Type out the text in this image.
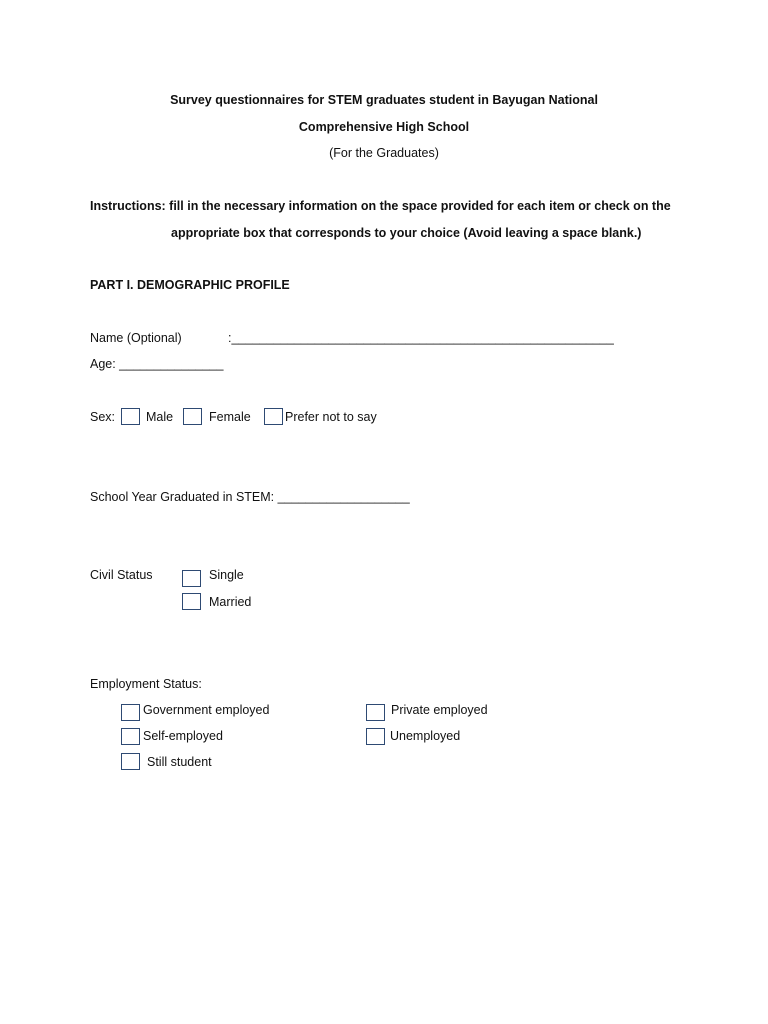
Survey questionnaires for STEM graduates student in Bayugan National
Comprehensive High School
(For the Graduates)
Instructions: fill in the necessary information on the space provided for each item or check on the
appropriate box that corresponds to your choice (Avoid leaving a space blank.)
PART I. DEMOGRAPHIC PROFILE
Name (Optional)	:_______________________________________________________
Age: _______________
Sex: Male	Female	Prefer not to say
School Year Graduated in STEM: ___________________
Civil Status	Single
Married
Employment Status:
Government employed	Private employed
Self-employed	Unemployed
Still student
